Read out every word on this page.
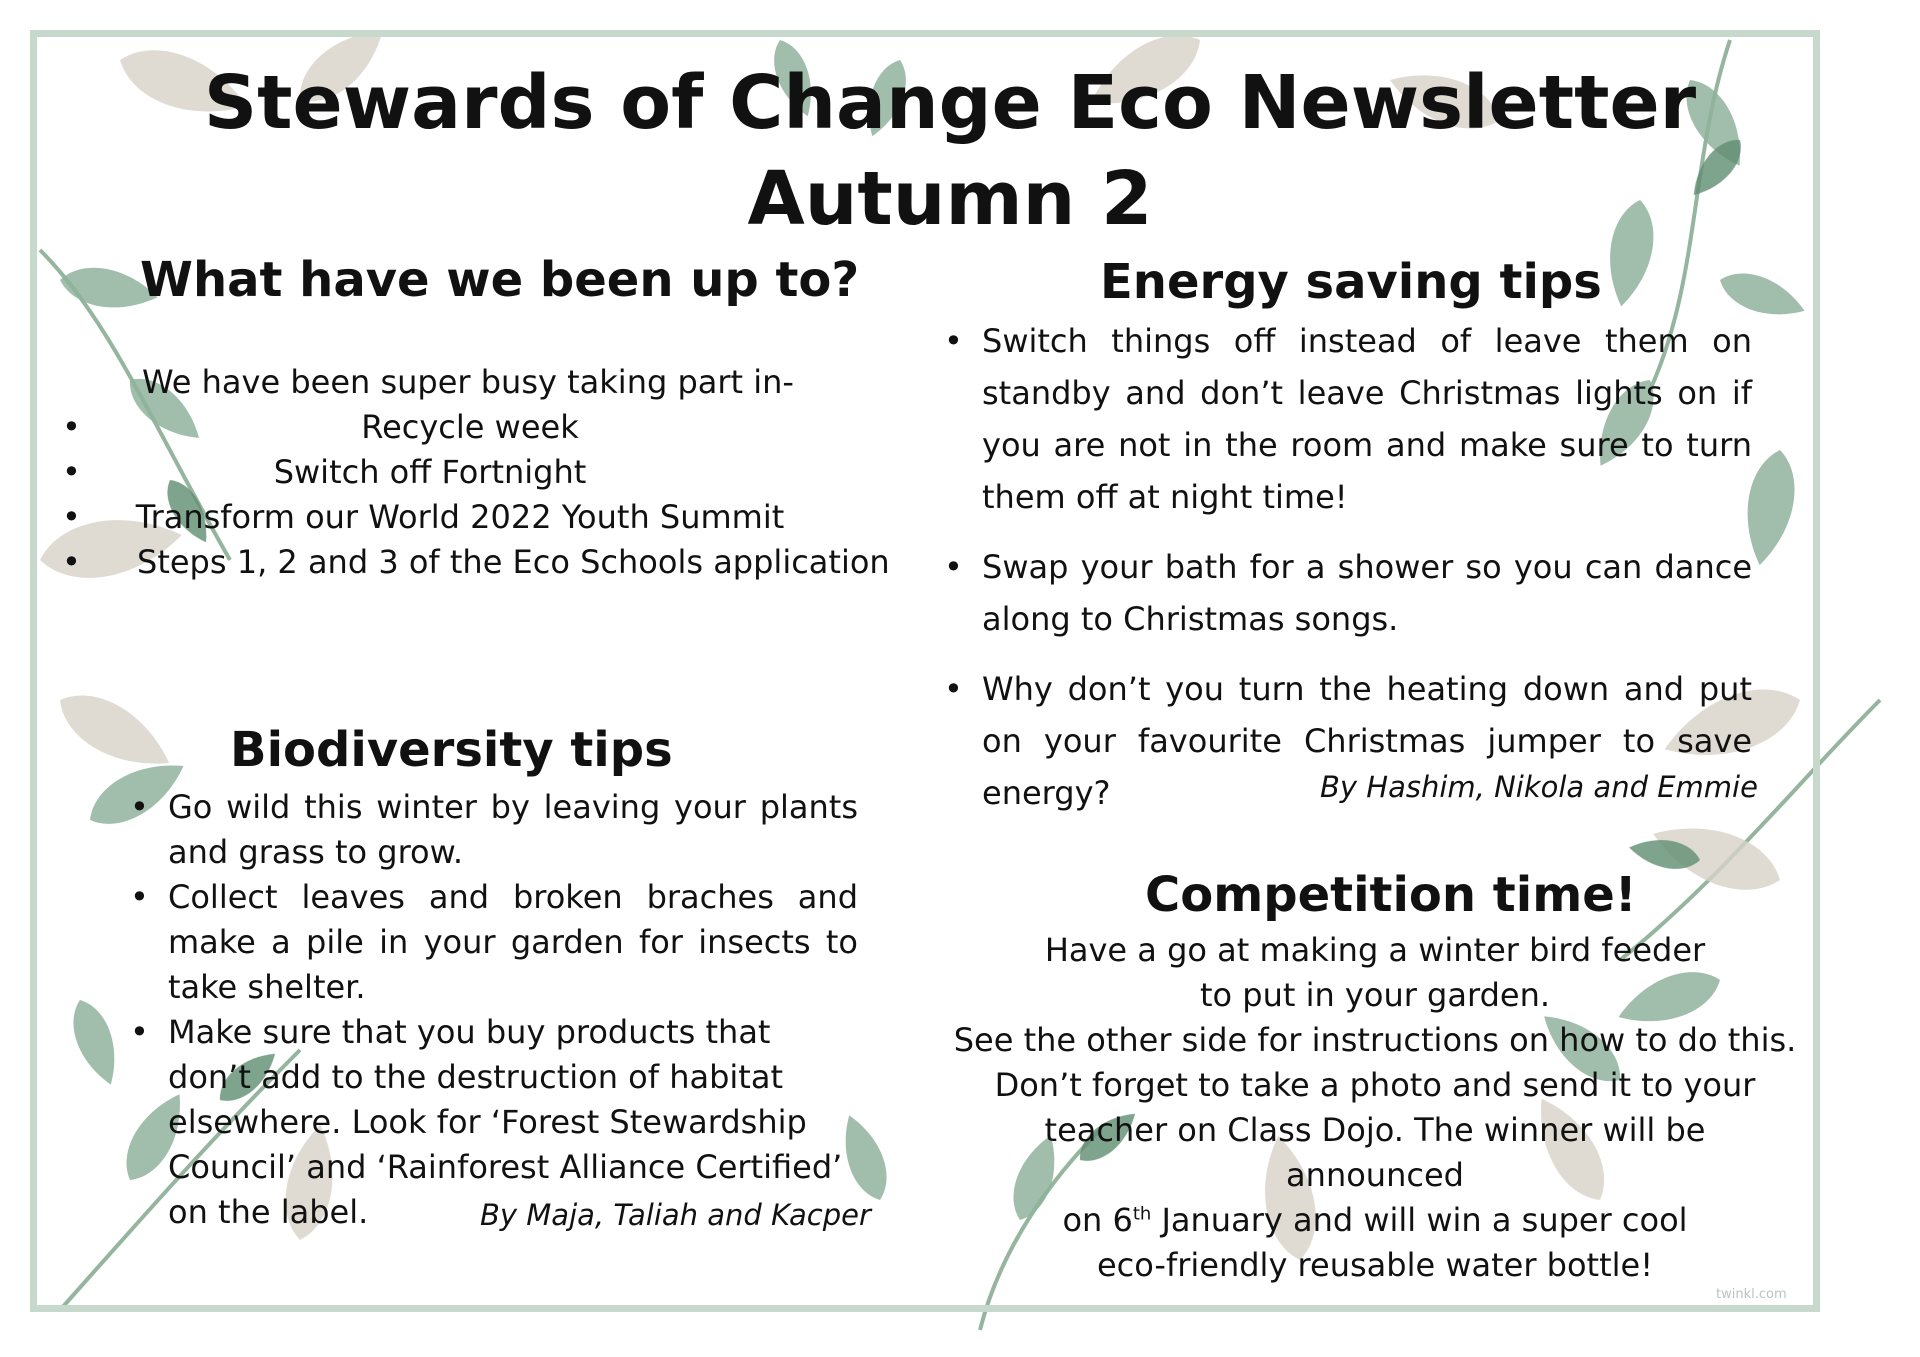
Stewards of Change Eco Newsletter
Autumn 2
What have we been up to?
We have been super busy taking part in-
• Recycle week
• Switch off Fortnight
• Transform our World 2022 Youth Summit
• Steps 1, 2 and 3 of the Eco Schools application
Energy saving tips
• Switch things off instead of leave them on standby and don’t leave Christmas lights on if you are not in the room and make sure to turn them off at night time!
• Swap your bath for a shower so you can dance along to Christmas songs.
• Why don’t you turn the heating down and put on your favourite Christmas jumper to save energy?	By Hashim, Nikola and Emmie
Biodiversity tips
• Go wild this winter by leaving your plants and grass to grow.
• Collect leaves and broken braches and make a pile in your garden for insects to take shelter.
• Make sure that you buy products that don’t add to the destruction of habitat elsewhere. Look for ‘Forest Stewardship Council’ and ‘Rainforest Alliance Certified’ on the label.	By Maja, Taliah and Kacper
Competition time!
Have a go at making a winter bird feeder to put in your garden.
See the other side for instructions on how to do this.
Don’t forget to take a photo and send it to your teacher on Class Dojo. The winner will be announced
on 6th January and will win a super cool eco-friendly reusable water bottle!
twinkl.com
